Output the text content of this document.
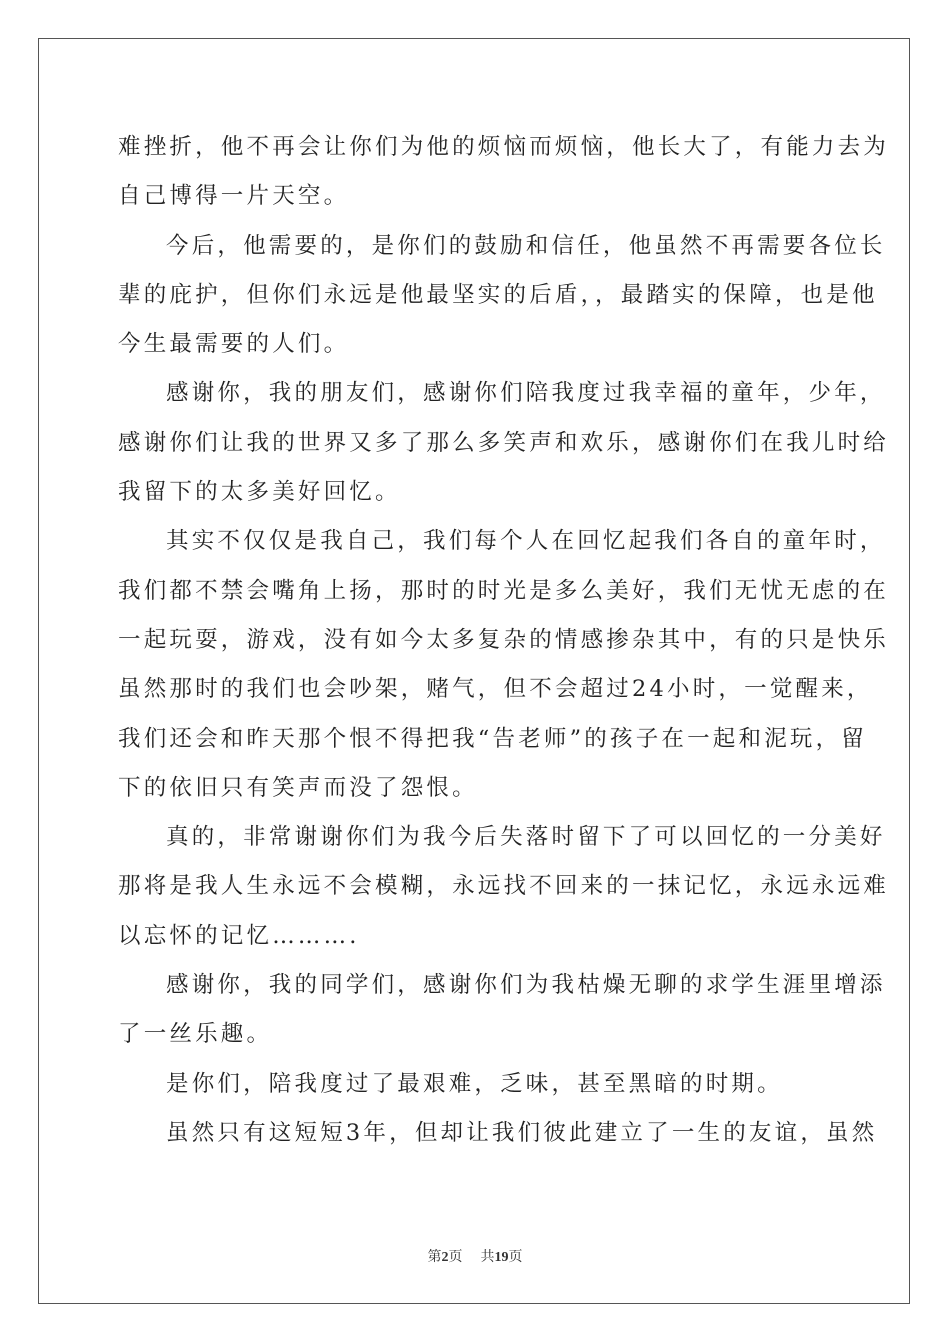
难挫折，他不再会让你们为他的烦恼而烦恼，他长大了，有能力去为
自己博得一片天空。

今后，他需要的，是你们的鼓励和信任，他虽然不再需要各位长
辈的庇护，但你们永远是他最坚实的后盾，，最踏实的保障，也是他
今生最需要的人们。

感谢你，我的朋友们，感谢你们陪我度过我幸福的童年，少年，
感谢你们让我的世界又多了那么多笑声和欢乐，感谢你们在我儿时给
我留下的太多美好回忆。

其实不仅仅是我自己，我们每个人在回忆起我们各自的童年时，
我们都不禁会嘴角上扬，那时的时光是多么美好，我们无忧无虑的在
一起玩耍，游戏，没有如今太多复杂的情感掺杂其中，有的只是快乐
虽然那时的我们也会吵架，赌气，但不会超过24小时，一觉醒来，
我们还会和昨天那个恨不得把我“告老师”的孩子在一起和泥玩，留
下的依旧只有笑声而没了怨恨。

真的，非常谢谢你们为我今后失落时留下了可以回忆的一分美好
那将是我人生永远不会模糊，永远找不回来的一抹记忆，永远永远难
以忘怀的记忆……….

感谢你，我的同学们，感谢你们为我枯燥无聊的求学生涯里增添
了一丝乐趣。

是你们，陪我度过了最艰难，乏味，甚至黑暗的时期。

虽然只有这短短3年，但却让我们彼此建立了一生的友谊，虽然

第2页 共19页
